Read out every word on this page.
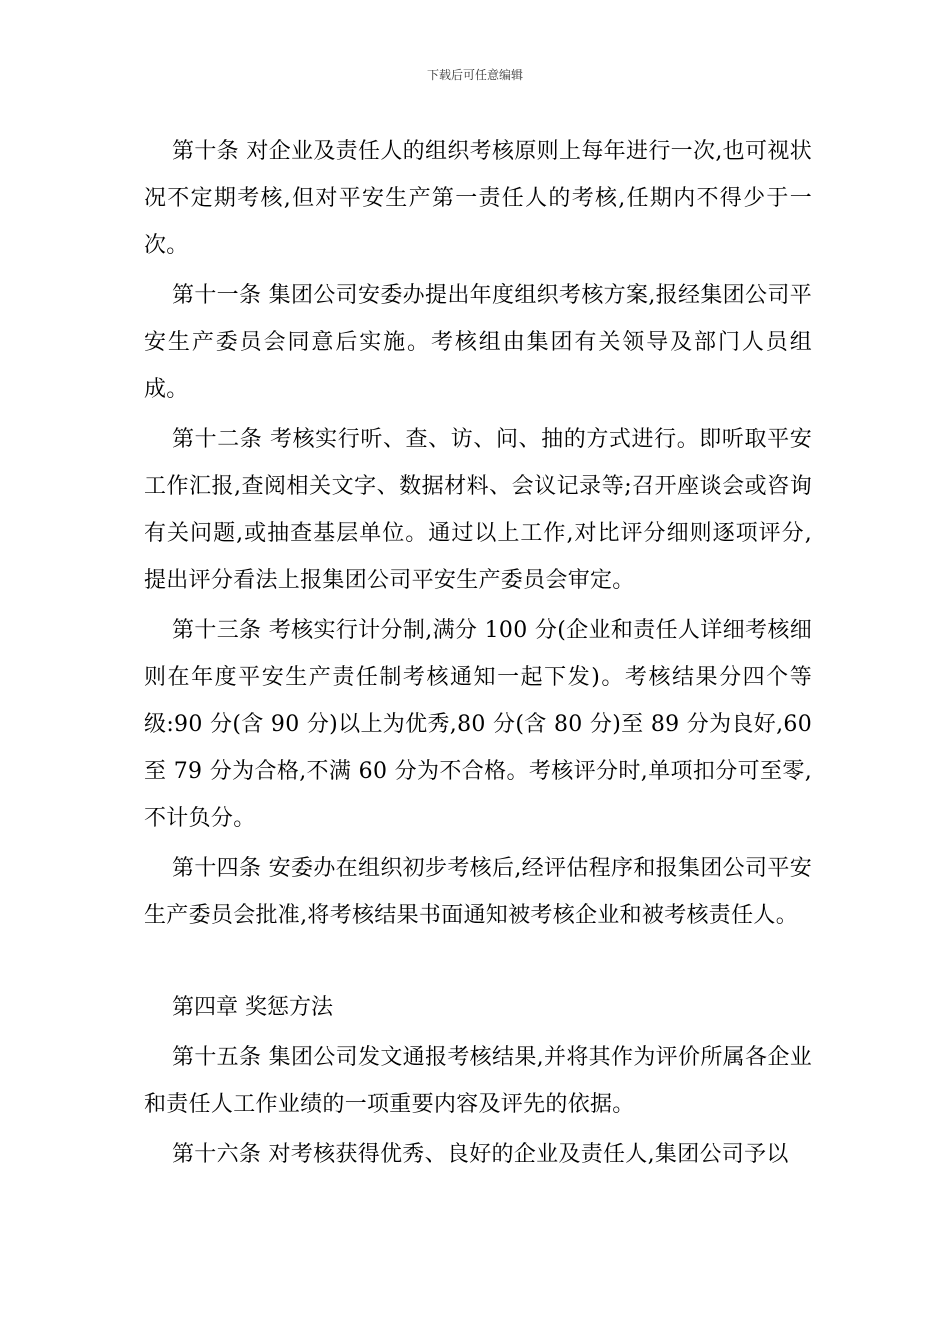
下载后可任意编辑

第十条 对企业及责任人的组织考核原则上每年进行一次,也可视状况不定期考核,但对平安生产第一责任人的考核,任期内不得少于一次。

第十一条 集团公司安委办提出年度组织考核方案,报经集团公司平安生产委员会同意后实施。考核组由集团有关领导及部门人员组成。

第十二条 考核实行听、查、访、问、抽的方式进行。即听取平安工作汇报,查阅相关文字、数据材料、会议记录等;召开座谈会或咨询有关问题,或抽查基层单位。通过以上工作,对比评分细则逐项评分,提出评分看法上报集团公司平安生产委员会审定。

第十三条 考核实行计分制,满分 100 分(企业和责任人详细考核细则在年度平安生产责任制考核通知一起下发)。考核结果分四个等级:90 分(含 90 分)以上为优秀,80 分(含 80 分)至 89 分为良好,60 至 79 分为合格,不满 60 分为不合格。考核评分时,单项扣分可至零,不计负分。

第十四条 安委办在组织初步考核后,经评估程序和报集团公司平安生产委员会批准,将考核结果书面通知被考核企业和被考核责任人。

第四章 奖惩方法

第十五条 集团公司发文通报考核结果,并将其作为评价所属各企业和责任人工作业绩的一项重要内容及评先的依据。

第十六条 对考核获得优秀、良好的企业及责任人,集团公司予以
